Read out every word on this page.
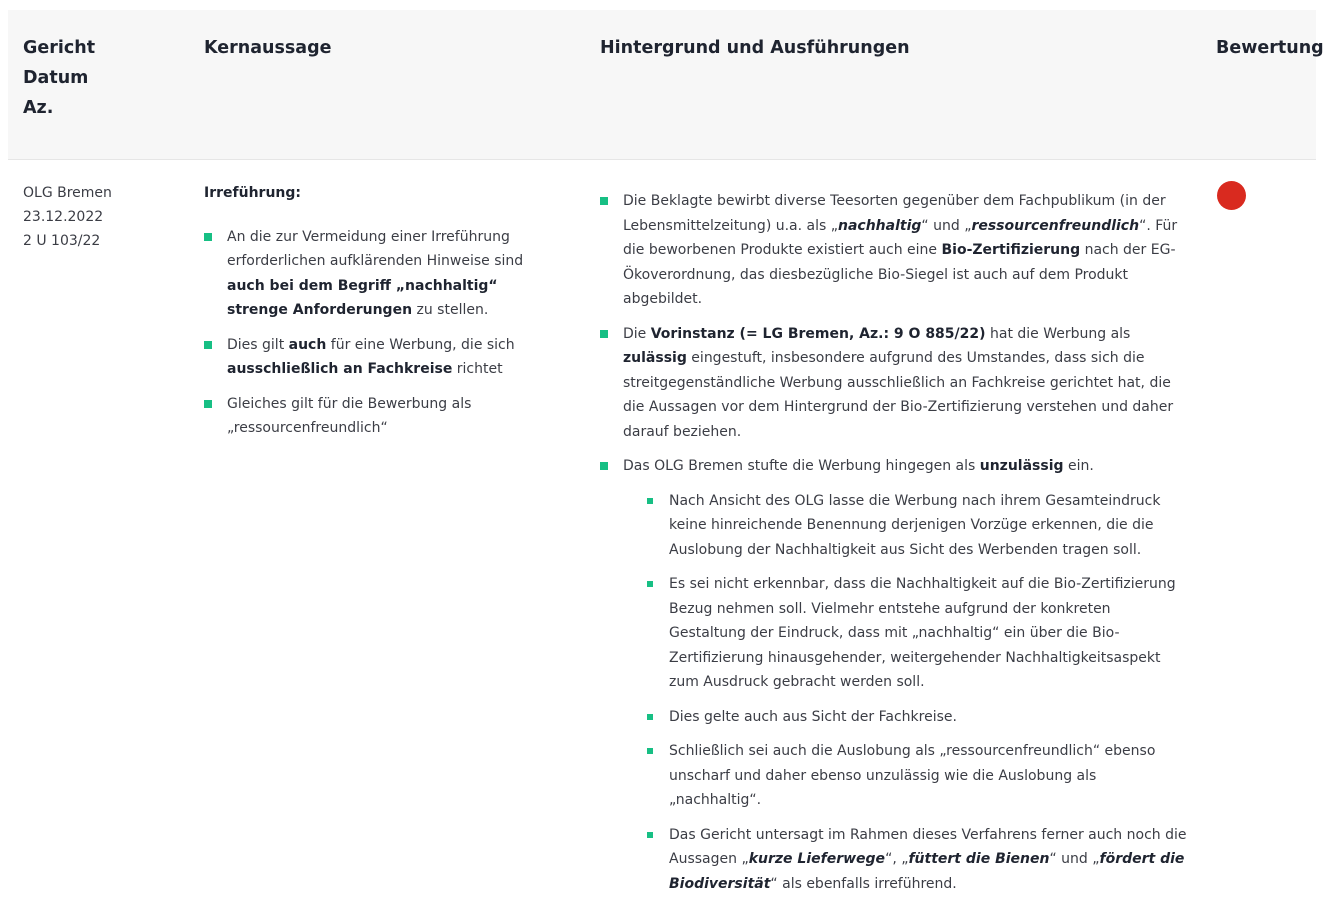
Gericht
Datum
Az.
Kernaussage	Hintergrund und Ausführungen	Bewertung
OLG Bremen
23.12.2022
2 U 103/22
Irreführung:
An die zur Vermeidung einer Irreführung erforderlichen aufklärenden Hinweise sind auch bei dem Begriff „nachhaltig“ strenge Anforderungen zu stellen.
Dies gilt auch für eine Werbung, die sich ausschließlich an Fachkreise richtet
Gleiches gilt für die Bewerbung als „ressourcenfreundlich“
Die Beklagte bewirbt diverse Teesorten gegenüber dem Fachpublikum (in der Lebensmittelzeitung) u.a. als „nachhaltig“ und „ressourcenfreundlich“. Für die beworbenen Produkte existiert auch eine Bio-Zertifizierung nach der EG-Ökoverordnung, das diesbezügliche Bio-Siegel ist auch auf dem Produkt abgebildet.
Die Vorinstanz (= LG Bremen, Az.: 9 O 885/22) hat die Werbung als zulässig eingestuft, insbesondere aufgrund des Umstandes, dass sich die streitgegenständliche Werbung ausschließlich an Fachkreise gerichtet hat, die die Aussagen vor dem Hintergrund der Bio-Zertifizierung verstehen und daher darauf beziehen.
Das OLG Bremen stufte die Werbung hingegen als unzulässig ein.
Nach Ansicht des OLG lasse die Werbung nach ihrem Gesamteindruck keine hinreichende Benennung derjenigen Vorzüge erkennen, die die Auslobung der Nachhaltigkeit aus Sicht des Werbenden tragen soll.
Es sei nicht erkennbar, dass die Nachhaltigkeit auf die Bio-Zertifizierung Bezug nehmen soll. Vielmehr entstehe aufgrund der konkreten Gestaltung der Eindruck, dass mit „nachhaltig“ ein über die Bio-Zertifizierung hinausgehender, weitergehender Nachhaltigkeitsaspekt zum Ausdruck gebracht werden soll.
Dies gelte auch aus Sicht der Fachkreise.
Schließlich sei auch die Auslobung als „ressourcenfreundlich“ ebenso unscharf und daher ebenso unzulässig wie die Auslobung als „nachhaltig“.
Das Gericht untersagt im Rahmen dieses Verfahrens ferner auch noch die Aussagen „kurze Lieferwege“, „füttert die Bienen“ und „fördert die Biodiversität“ als ebenfalls irreführend.
